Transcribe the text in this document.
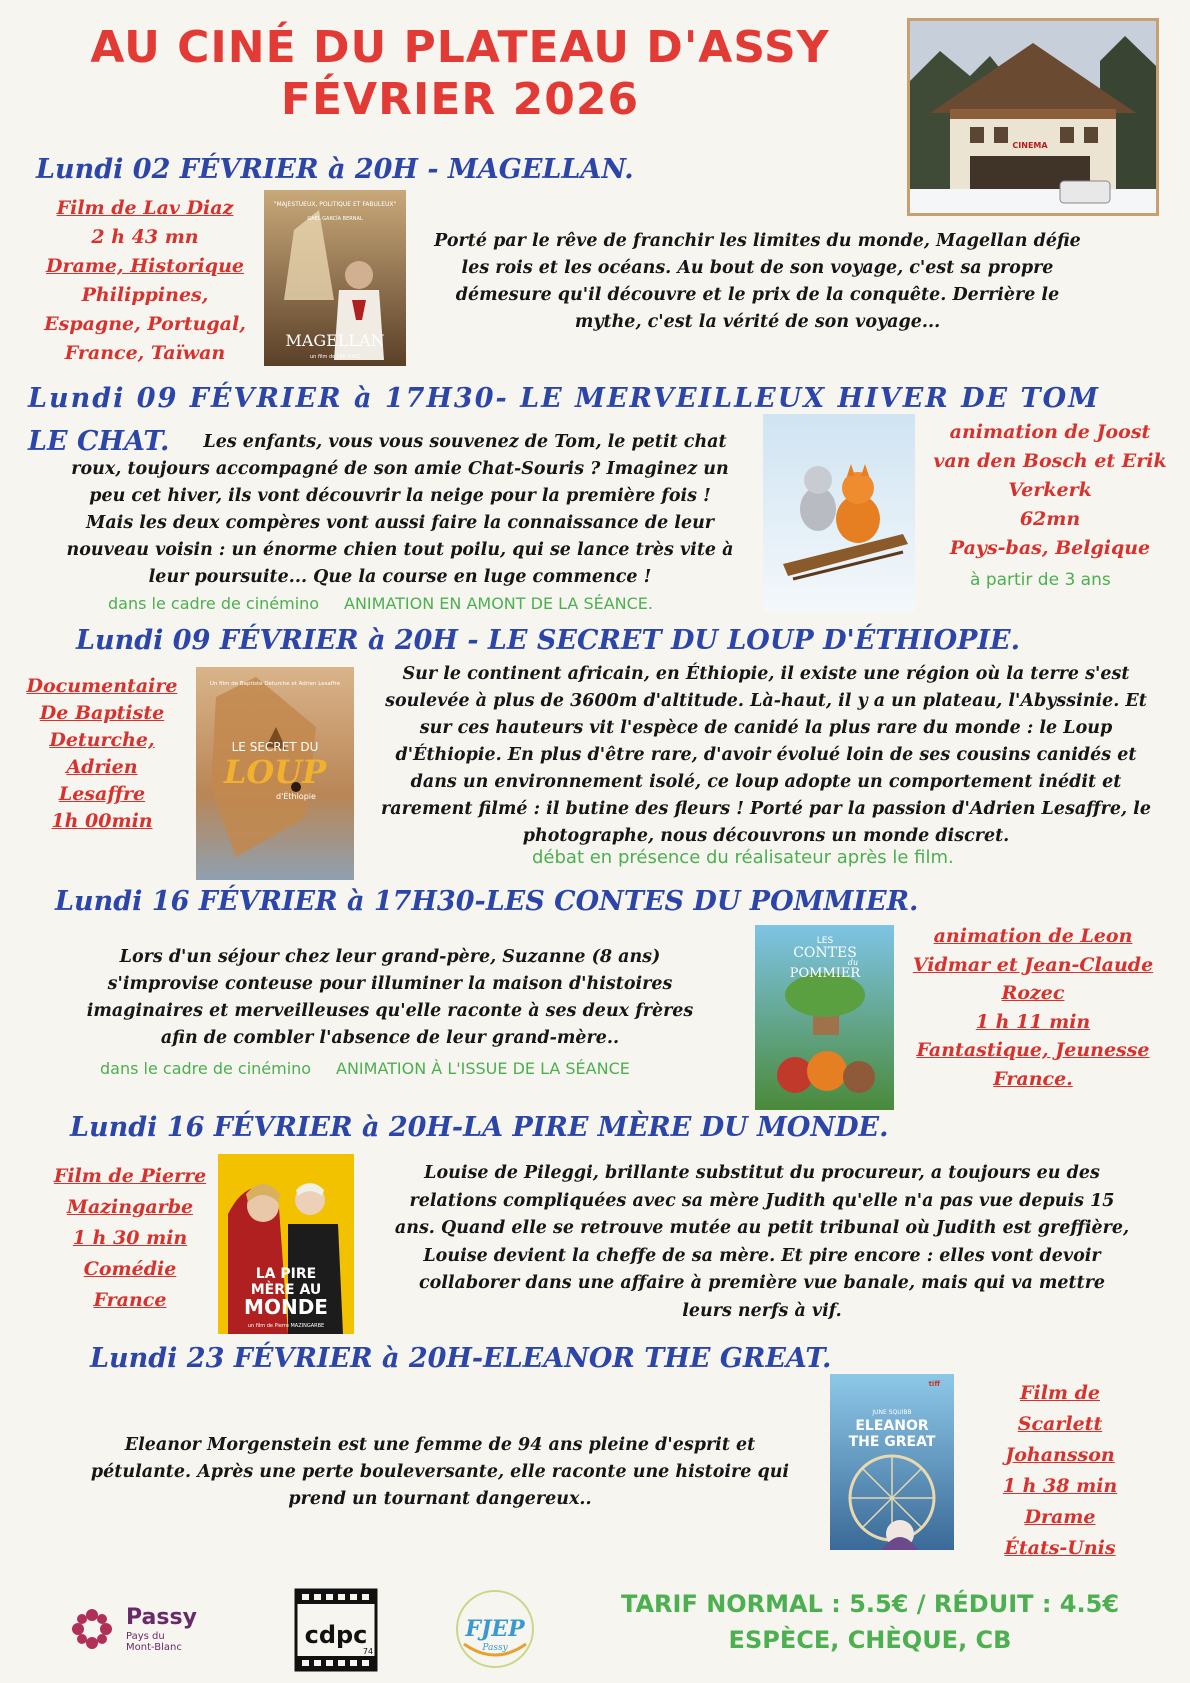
AU CINÉ DU PLATEAU D'ASSY
FÉVRIER 2026
CINEMA
Lundi 02 FÉVRIER à 20H - MAGELLAN.
Film de Lav Diaz
2 h 43 mn
Drame, Historique
Philippines,
Espagne, Portugal,
France, Taïwan
"MAJESTUEUX, POLITIQUE ET FABULEUX"
GAEL GARCÍA BERNAL
MAGELLAN
un film de LAV DIAZ
Porté par le rêve de franchir les limites du monde, Magellan défie
les rois et les océans. Au bout de son voyage, c'est sa propre
démesure qu'il découvre et le prix de la conquête. Derrière le
mythe, c'est la vérité de son voyage...
Lundi 09 FÉVRIER à 17H30- LE MERVEILLEUX HIVER DE TOM
LE CHAT.	Les enfants, vous vous souvenez de Tom, le petit chat
roux, toujours accompagné de son amie Chat-Souris ? Imaginez un
peu cet hiver, ils vont découvrir la neige pour la première fois !
Mais les deux compères vont aussi faire la connaissance de leur
nouveau voisin : un énorme chien tout poilu, qui se lance très vite à
leur poursuite... Que la course en luge commence !
dans le cadre de cinémino ANIMATION EN AMONT DE LA SÉANCE.
animation de Joost
van den Bosch et Erik
Verkerk
62mn
Pays-bas, Belgique
à partir de 3 ans
Lundi 09 FÉVRIER à 20H - LE SECRET DU LOUP D'ÉTHIOPIE.
Documentaire
De Baptiste
Deturche,
Adrien
Lesaffre
1h 00min
Un film de Baptiste Deturche et Adrien Lesaffre
LE SECRET DU
LOUP
d'Éthiopie
Sur le continent africain, en Éthiopie, il existe une région où la terre s'est
soulevée à plus de 3600m d'altitude. Là-haut, il y a un plateau, l'Abyssinie. Et
sur ces hauteurs vit l'espèce de canidé la plus rare du monde : le Loup
d'Éthiopie. En plus d'être rare, d'avoir évolué loin de ses cousins canidés et
dans un environnement isolé, ce loup adopte un comportement inédit et
rarement filmé : il butine des fleurs ! Porté par la passion d'Adrien Lesaffre, le
photographe, nous découvrons un monde discret.
débat en présence du réalisateur après le film.
Lundi 16 FÉVRIER à 17H30-LES CONTES DU POMMIER.
Lors d'un séjour chez leur grand-père, Suzanne (8 ans)
s'improvise conteuse pour illuminer la maison d'histoires
imaginaires et merveilleuses qu'elle raconte à ses deux frères
afin de combler l'absence de leur grand-mère..
dans le cadre de cinémino ANIMATION À L'ISSUE DE LA SÉANCE
LES
CONTES
du
POMMIER
animation de Leon
Vidmar et Jean-Claude
Rozec
1 h 11 min
Fantastique, Jeunesse
France.
Lundi 16 FÉVRIER à 20H-LA PIRE MÈRE DU MONDE.
Film de Pierre
Mazingarbe
1 h 30 min
Comédie
France
LA PIRE
MÈRE AU
MONDE
un film de Pierre MAZINGARBE
Louise de Pileggi, brillante substitut du procureur, a toujours eu des
relations compliquées avec sa mère Judith qu'elle n'a pas vue depuis 15
ans. Quand elle se retrouve mutée au petit tribunal où Judith est greffière,
Louise devient la cheffe de sa mère. Et pire encore : elles vont devoir
collaborer dans une affaire à première vue banale, mais qui va mettre
leurs nerfs à vif.
Lundi 23 FÉVRIER à 20H-ELEANOR THE GREAT.
Eleanor Morgenstein est une femme de 94 ans pleine d'esprit et
pétulante. Après une perte bouleversante, elle raconte une histoire qui
prend un tournant dangereux..
tiff
JUNE SQUIBB
ELEANOR
THE GREAT
Film de
Scarlett
Johansson
1 h 38 min
Drame
États-Unis
Passy
Pays du
Mont-Blanc	cdpc
74
FJEP
Passy
TARIF NORMAL : 5.5€ / RÉDUIT : 4.5€
ESPÈCE, CHÈQUE, CB
